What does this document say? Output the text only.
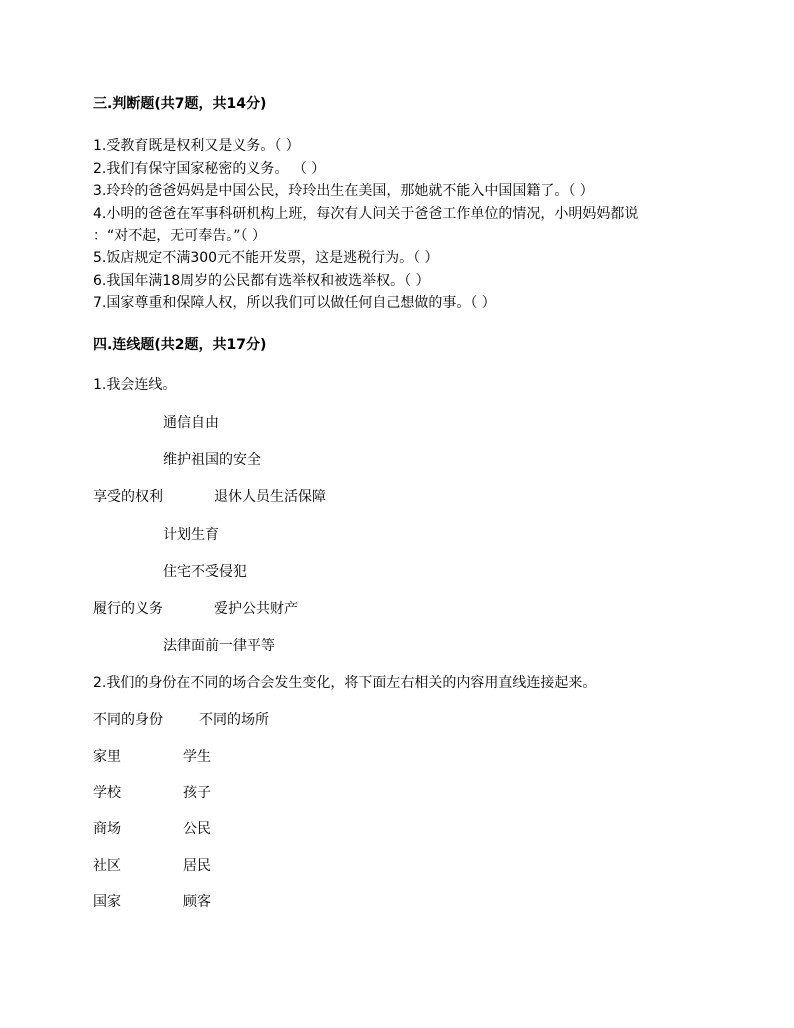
三.判断题(共7题，共14分)
1.受教育既是权利又是义务。（ ）
2.我们有保守国家秘密的义务。 （ ）
3.玲玲的爸爸妈妈是中国公民，玲玲出生在美国，那她就不能入中国国籍了。（ ）
4.小明的爸爸在军事科研机构上班，每次有人问关于爸爸工作单位的情况，小明妈妈都说
：“对不起，无可奉告。”（ ）
5.饭店规定不满300元不能开发票，这是逃税行为。（ ）
6.我国年满18周岁的公民都有选举权和被选举权。（ ）
7.国家尊重和保障人权，所以我们可以做任何自己想做的事。（ ）
四.连线题(共2题，共17分)
1.我会连线。
通信自由
维护祖国的安全
享受的权利	退休人员生活保障
计划生育
住宅不受侵犯
履行的义务	爱护公共财产
法律面前一律平等
2.我们的身份在不同的场合会发生变化，将下面左右相关的内容用直线连接起来。
不同的身份	不同的场所
家里	学生
学校	孩子
商场	公民
社区	居民
国家	顾客
